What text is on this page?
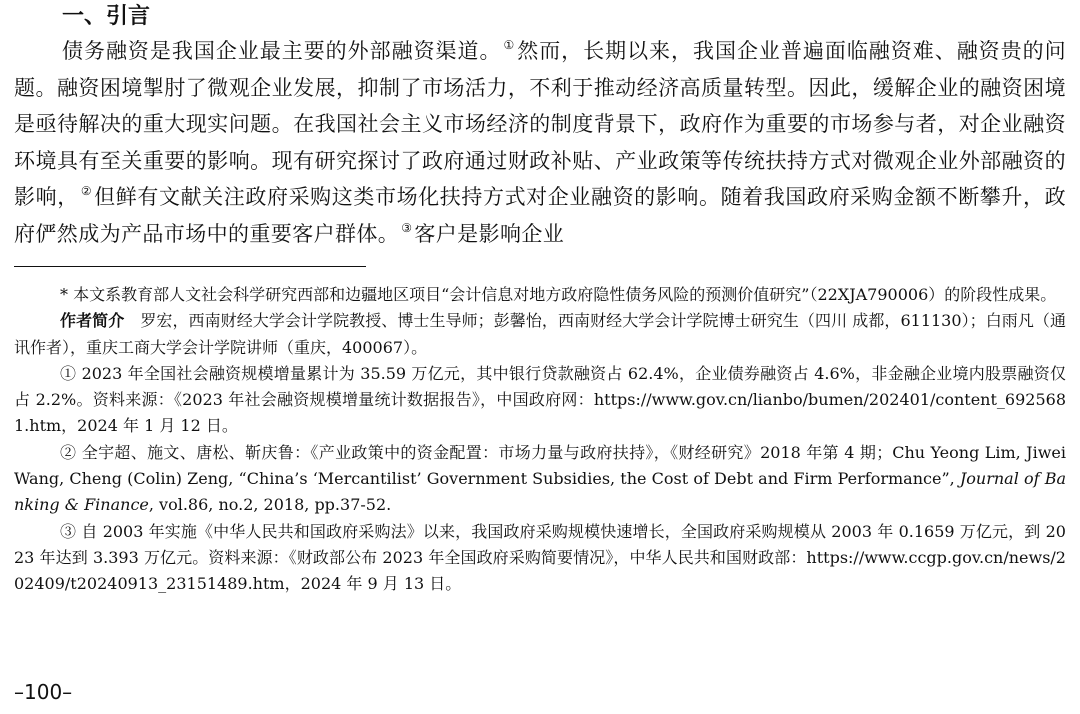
一、引言

债务融资是我国企业最主要的外部融资渠道。 ①然而，长期以来，我国企业普遍面临融资难、融资贵的问题。融资困境掣肘了微观企业发展，抑制了市场活力，不利于推动经济高质量转型。因此，缓解企业的融资困境是亟待解决的重大现实问题。在我国社会主义市场经济的制度背景下，政府作为重要的市场参与者，对企业融资环境具有至关重要的影响。现有研究探讨了政府通过财政补贴、产业政策等传统扶持方式对微观企业外部融资的影响， ②但鲜有文献关注政府采购这类市场化扶持方式对企业融资的影响。随着我国政府采购金额不断攀升，政府俨然成为产品市场中的重要客户群体。 ③客户是影响企业

* 本文系教育部人文社会科学研究西部和边疆地区项目“会计信息对地方政府隐性债务风险的预测价值研究”（22XJA790006）的阶段性成果。

作者简介　罗宏，西南财经大学会计学院教授、博士生导师；彭馨怡，西南财经大学会计学院博士研究生（四川 成都，611130）；白雨凡（通讯作者），重庆工商大学会计学院讲师（重庆，400067）。

① 2023 年全国社会融资规模增量累计为 35.59 万亿元，其中银行贷款融资占 62.4%，企业债券融资占 4.6%，非金融企业境内股票融资仅占 2.2%。资料来源：《2023 年社会融资规模增量统计数据报告》，中国政府网：https://www.gov.cn/lianbo/bumen/202401/content_6925681.htm，2024 年 1 月 12 日。

② 全宇超、施文、唐松、靳庆鲁：《产业政策中的资金配置：市场力量与政府扶持》，《财经研究》2018 年第 4 期；Chu Yeong Lim, Jiwei Wang, Cheng (Colin) Zeng, “China’s ‘Mercantilist’ Government Subsidies, the Cost of Debt and Firm Performance”, Journal of Banking & Finance, vol.86, no.2, 2018, pp.37-52.

③ 自 2003 年实施《中华人民共和国政府采购法》以来，我国政府采购规模快速增长，全国政府采购规模从 2003 年 0.1659 万亿元，到 2023 年达到 3.393 万亿元。资料来源：《财政部公布 2023 年全国政府采购简要情况》，中华人民共和国财政部：https://www.ccgp.gov.cn/news/202409/t20240913_23151489.htm，2024 年 9 月 13 日。

–100–
